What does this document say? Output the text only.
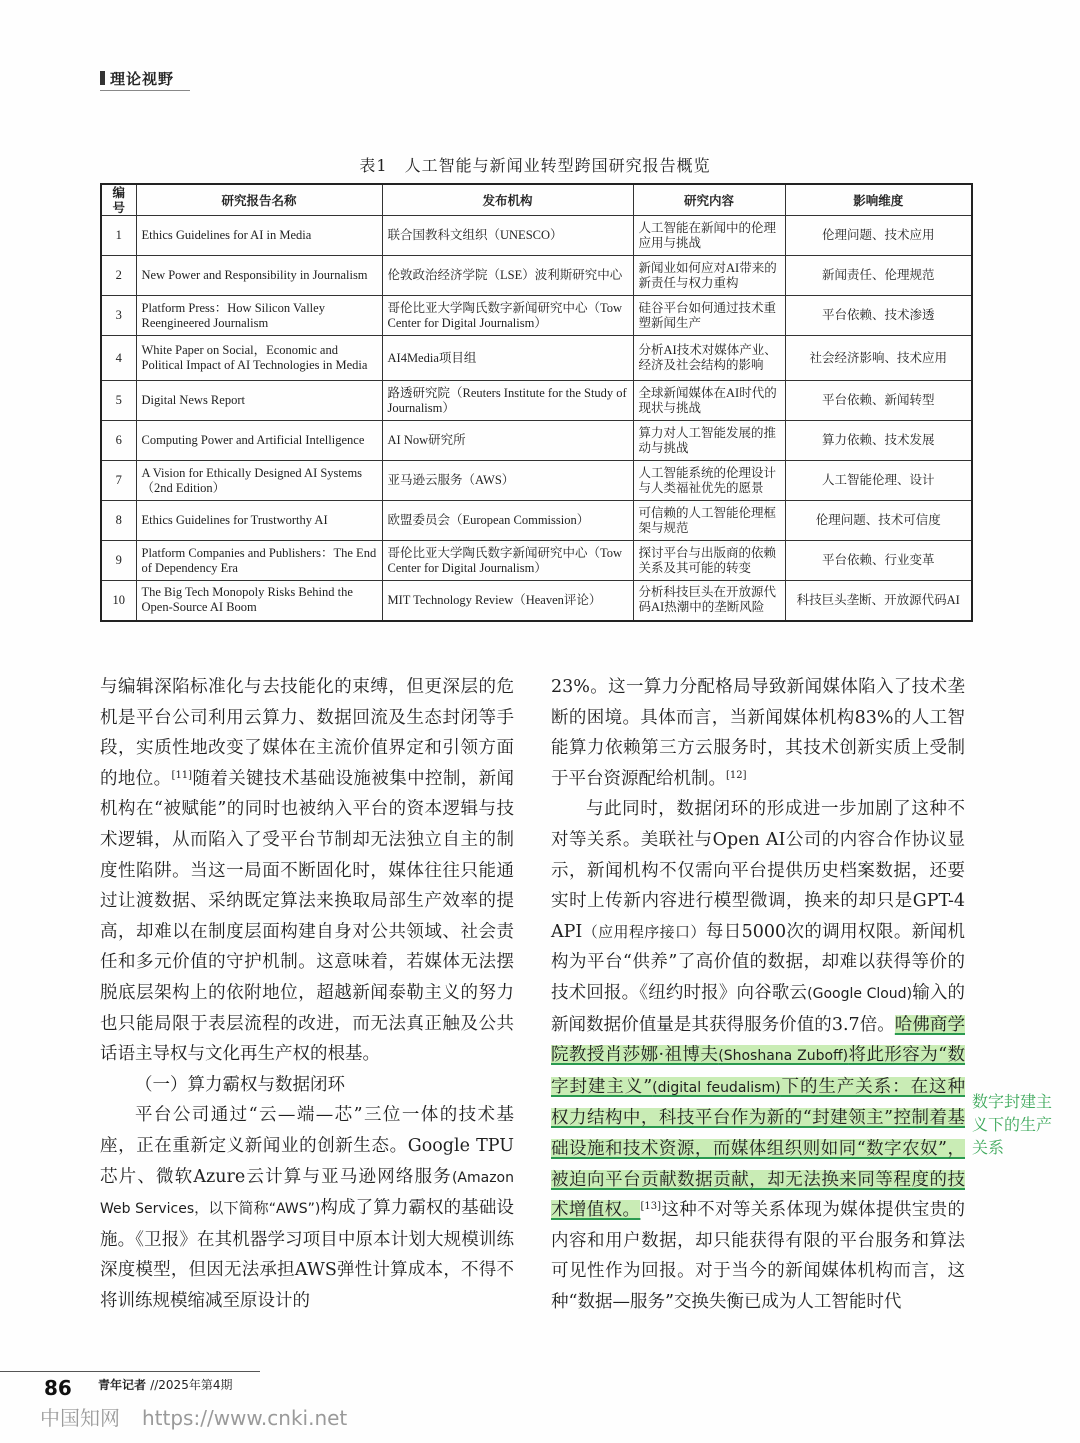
理论视野
表1　人工智能与新闻业转型跨国研究报告概览
编号	研究报告名称	发布机构	研究内容	影响维度
1	Ethics Guidelines for AI in Media	联合国教科文组织（UNESCO）	人工智能在新闻中的伦理应用与挑战	伦理问题、技术应用
2	New Power and Responsibility in Journalism	伦敦政治经济学院（LSE）波利斯研究中心	新闻业如何应对AI带来的新责任与权力重构	新闻责任、伦理规范
3	Platform Press：How Silicon Valley Reengineered Journalism	哥伦比亚大学陶氏数字新闻研究中心（Tow Center for Digital Journalism）	硅谷平台如何通过技术重塑新闻生产	平台依赖、技术渗透
4	White Paper on Social，Economic and Political Impact of AI Technologies in Media	AI4Media项目组	分析AI技术对媒体产业、经济及社会结构的影响	社会经济影响、技术应用
5	Digital News Report	路透研究院（Reuters Institute for the Study of Journalism）	全球新闻媒体在AI时代的现状与挑战	平台依赖、新闻转型
6	Computing Power and Artificial Intelligence	AI Now研究所	算力对人工智能发展的推动与挑战	算力依赖、技术发展
7	A Vision for Ethically Designed AI Systems （2nd Edition）	亚马逊云服务（AWS）	人工智能系统的伦理设计与人类福祉优先的愿景	人工智能伦理、设计
8	Ethics Guidelines for Trustworthy AI	欧盟委员会（European Commission）	可信赖的人工智能伦理框架与规范	伦理问题、技术可信度
9	Platform Companies and Publishers：The End of Dependency Era	哥伦比亚大学陶氏数字新闻研究中心（Tow Center for Digital Journalism）	探讨平台与出版商的依赖关系及其可能的转变	平台依赖、行业变革
10	The Big Tech Monopoly Risks Behind the Open-Source AI Boom	MIT Technology Review（Heaven评论）	分析科技巨头在开放源代码AI热潮中的垄断风险	科技巨头垄断、开放源代码AI

与编辑深陷标准化与去技能化的束缚，但更深层的危机是平台公司利用云算力、数据回流及生态封闭等手段，实质性地改变了媒体在主流价值界定和引领方面的地位。[11]随着关键技术基础设施被集中控制，新闻机构在“被赋能”的同时也被纳入平台的资本逻辑与技术逻辑，从而陷入了受平台节制却无法独立自主的制度性陷阱。当这一局面不断固化时，媒体往往只能通过让渡数据、采纳既定算法来换取局部生产效率的提高，却难以在制度层面构建自身对公共领域、社会责任和多元价值的守护机制。这意味着，若媒体无法摆脱底层架构上的依附地位，超越新闻泰勒主义的努力也只能局限于表层流程的改进，而无法真正触及公共话语主导权与文化再生产权的根基。

（一）算力霸权与数据闭环

平台公司通过“云—端—芯”三位一体的技术基座，正在重新定义新闻业的创新生态。Google TPU芯片、微软Azure云计算与亚马逊网络服务(Amazon Web Services，以下简称“AWS”)构成了算力霸权的基础设施。《卫报》在其机器学习项目中原本计划大规模训练深度模型，但因无法承担AWS弹性计算成本，不得不将训练规模缩减至原设计的

23%。这一算力分配格局导致新闻媒体陷入了技术垄断的困境。具体而言，当新闻媒体机构83%的人工智能算力依赖第三方云服务时，其技术创新实质上受制于平台资源配给机制。[12]

与此同时，数据闭环的形成进一步加剧了这种不对等关系。美联社与Open AI公司的内容合作协议显示，新闻机构不仅需向平台提供历史档案数据，还要实时上传新内容进行模型微调，换来的却只是GPT-4 API（应用程序接口）每日5000次的调用权限。新闻机构为平台“供养”了高价值的数据，却难以获得等价的技术回报。《纽约时报》向谷歌云(Google Cloud)输入的新闻数据价值量是其获得服务价值的3.7倍。哈佛商学院教授肖莎娜·祖博夫(Shoshana Zuboff)将此形容为“数字封建主义”(digital feudalism)下的生产关系：在这种权力结构中，科技平台作为新的“封建领主”控制着基础设施和技术资源，而媒体组织则如同“数字农奴”，被迫向平台贡献数据贡献，却无法换来同等程度的技术增值权。[13]这种不对等关系体现为媒体提供宝贵的内容和用户数据，却只能获得有限的平台服务和算法可见性作为回报。对于当今的新闻媒体机构而言，这种“数据—服务”交换失衡已成为人工智能时代

数字封建主义下的生产关系
86 青年记者 //2025年第4期
中国知网 https://www.cnki.net
